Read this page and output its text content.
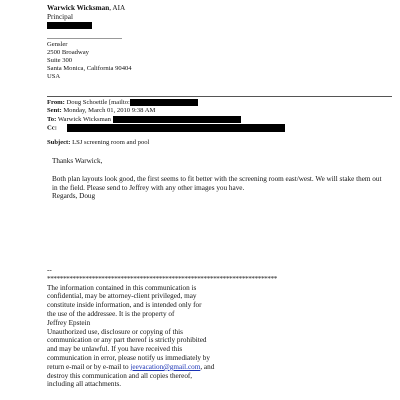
Warwick Wicksman, AIA
Principal
Gensler
2500 Broadway
Suite 300
Santa Monica, California 90404
USA
From: Doug Schoettle [mailto:
Sent: Monday, March 01, 2010 9:38 AM
To: Warwick Wicksman
Cc:
Subject: LSJ screening room and pool

Thanks Warwick,

Both plan layouts look good, the first seems to fit better with the screening room east/west. We will stake them out in the field. Please send to Jeffrey with any other images you have.

Regards, Doug
--
************************************************************************
The information contained in this communication is
confidential, may be attorney-client privileged, may
constitute inside information, and is intended only for
the use of the addressee. It is the property of
Jeffrey Epstein
Unauthorized use, disclosure or copying of this
communication or any part thereof is strictly prohibited
and may be unlawful. If you have received this
communication in error, please notify us immediately by
return e-mail or by e-mail to jeevacation@gmail.com, and
destroy this communication and all copies thereof,
including all attachments.
